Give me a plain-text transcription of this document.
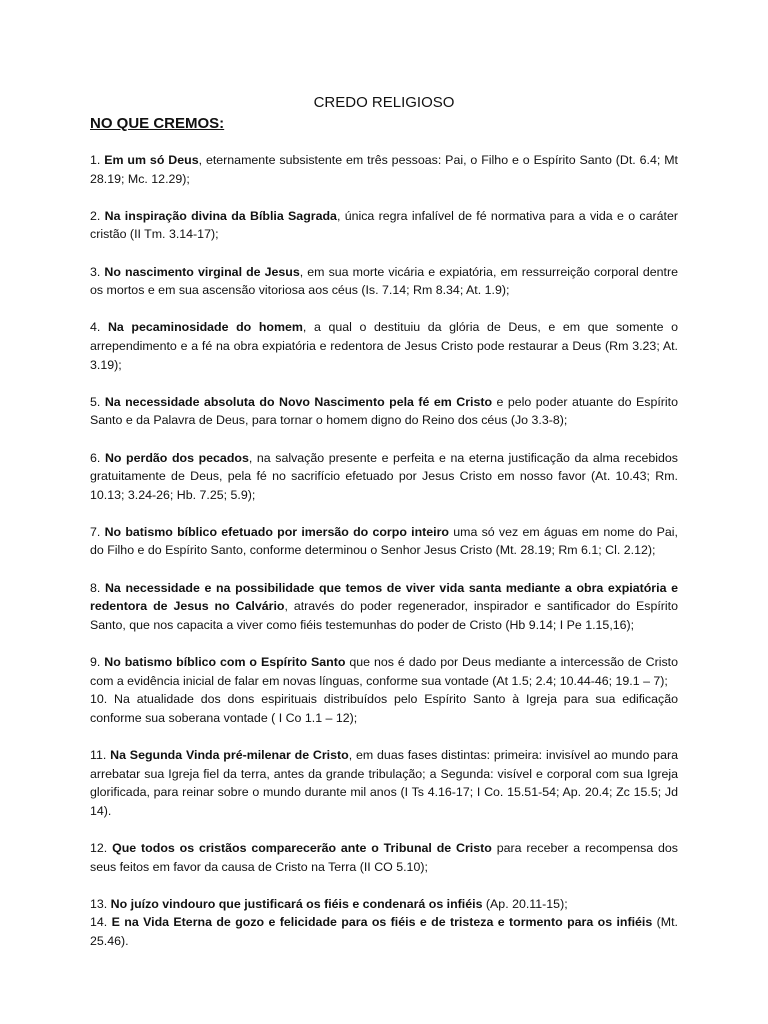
CREDO RELIGIOSO
NO QUE CREMOS:
1. Em um só Deus, eternamente subsistente em três pessoas: Pai, o Filho e o Espírito Santo (Dt. 6.4; Mt 28.19; Mc. 12.29);
2. Na inspiração divina da Bíblia Sagrada, única regra infalível de fé normativa para a vida e o caráter cristão (II Tm. 3.14-17);
3. No nascimento virginal de Jesus, em sua morte vicária e expiatória, em ressurreição corporal dentre os mortos e em sua ascensão vitoriosa aos céus (Is. 7.14; Rm 8.34; At. 1.9);
4. Na pecaminosidade do homem, a qual o destituiu da glória de Deus, e em que somente o arrependimento e a fé na obra expiatória e redentora de Jesus Cristo pode restaurar a Deus (Rm 3.23; At. 3.19);
5. Na necessidade absoluta do Novo Nascimento pela fé em Cristo e pelo poder atuante do Espírito Santo e da Palavra de Deus, para tornar o homem digno do Reino dos céus (Jo 3.3-8);
6. No perdão dos pecados, na salvação presente e perfeita e na eterna justificação da alma recebidos gratuitamente de Deus, pela fé no sacrifício efetuado por Jesus Cristo em nosso favor (At. 10.43; Rm. 10.13; 3.24-26; Hb. 7.25; 5.9);
7. No batismo bíblico efetuado por imersão do corpo inteiro uma só vez em águas em nome do Pai, do Filho e do Espírito Santo, conforme determinou o Senhor Jesus Cristo (Mt. 28.19; Rm 6.1; Cl. 2.12);
8. Na necessidade e na possibilidade que temos de viver vida santa mediante a obra expiatória e redentora de Jesus no Calvário, através do poder regenerador, inspirador e santificador do Espírito Santo, que nos capacita a viver como fiéis testemunhas do poder de Cristo (Hb 9.14; I Pe 1.15,16);
9. No batismo bíblico com o Espírito Santo que nos é dado por Deus mediante a intercessão de Cristo com a evidência inicial de falar em novas línguas, conforme sua vontade (At 1.5; 2.4; 10.44-46; 19.1 – 7);
10. Na atualidade dos dons espirituais distribuídos pelo Espírito Santo à Igreja para sua edificação conforme sua soberana vontade ( I Co 1.1 – 12);
11. Na Segunda Vinda pré-milenar de Cristo, em duas fases distintas: primeira: invisível ao mundo para arrebatar sua Igreja fiel da terra, antes da grande tribulação; a Segunda: visível e corporal com sua Igreja glorificada, para reinar sobre o mundo durante mil anos (I Ts 4.16-17; I Co. 15.51-54; Ap. 20.4; Zc 15.5; Jd 14).
12. Que todos os cristãos comparecerão ante o Tribunal de Cristo para receber a recompensa dos seus feitos em favor da causa de Cristo na Terra (II CO 5.10);
13. No juízo vindouro que justificará os fiéis e condenará os infiéis (Ap. 20.11-15);
14. E na Vida Eterna de gozo e felicidade para os fiéis e de tristeza e tormento para os infiéis (Mt. 25.46).
